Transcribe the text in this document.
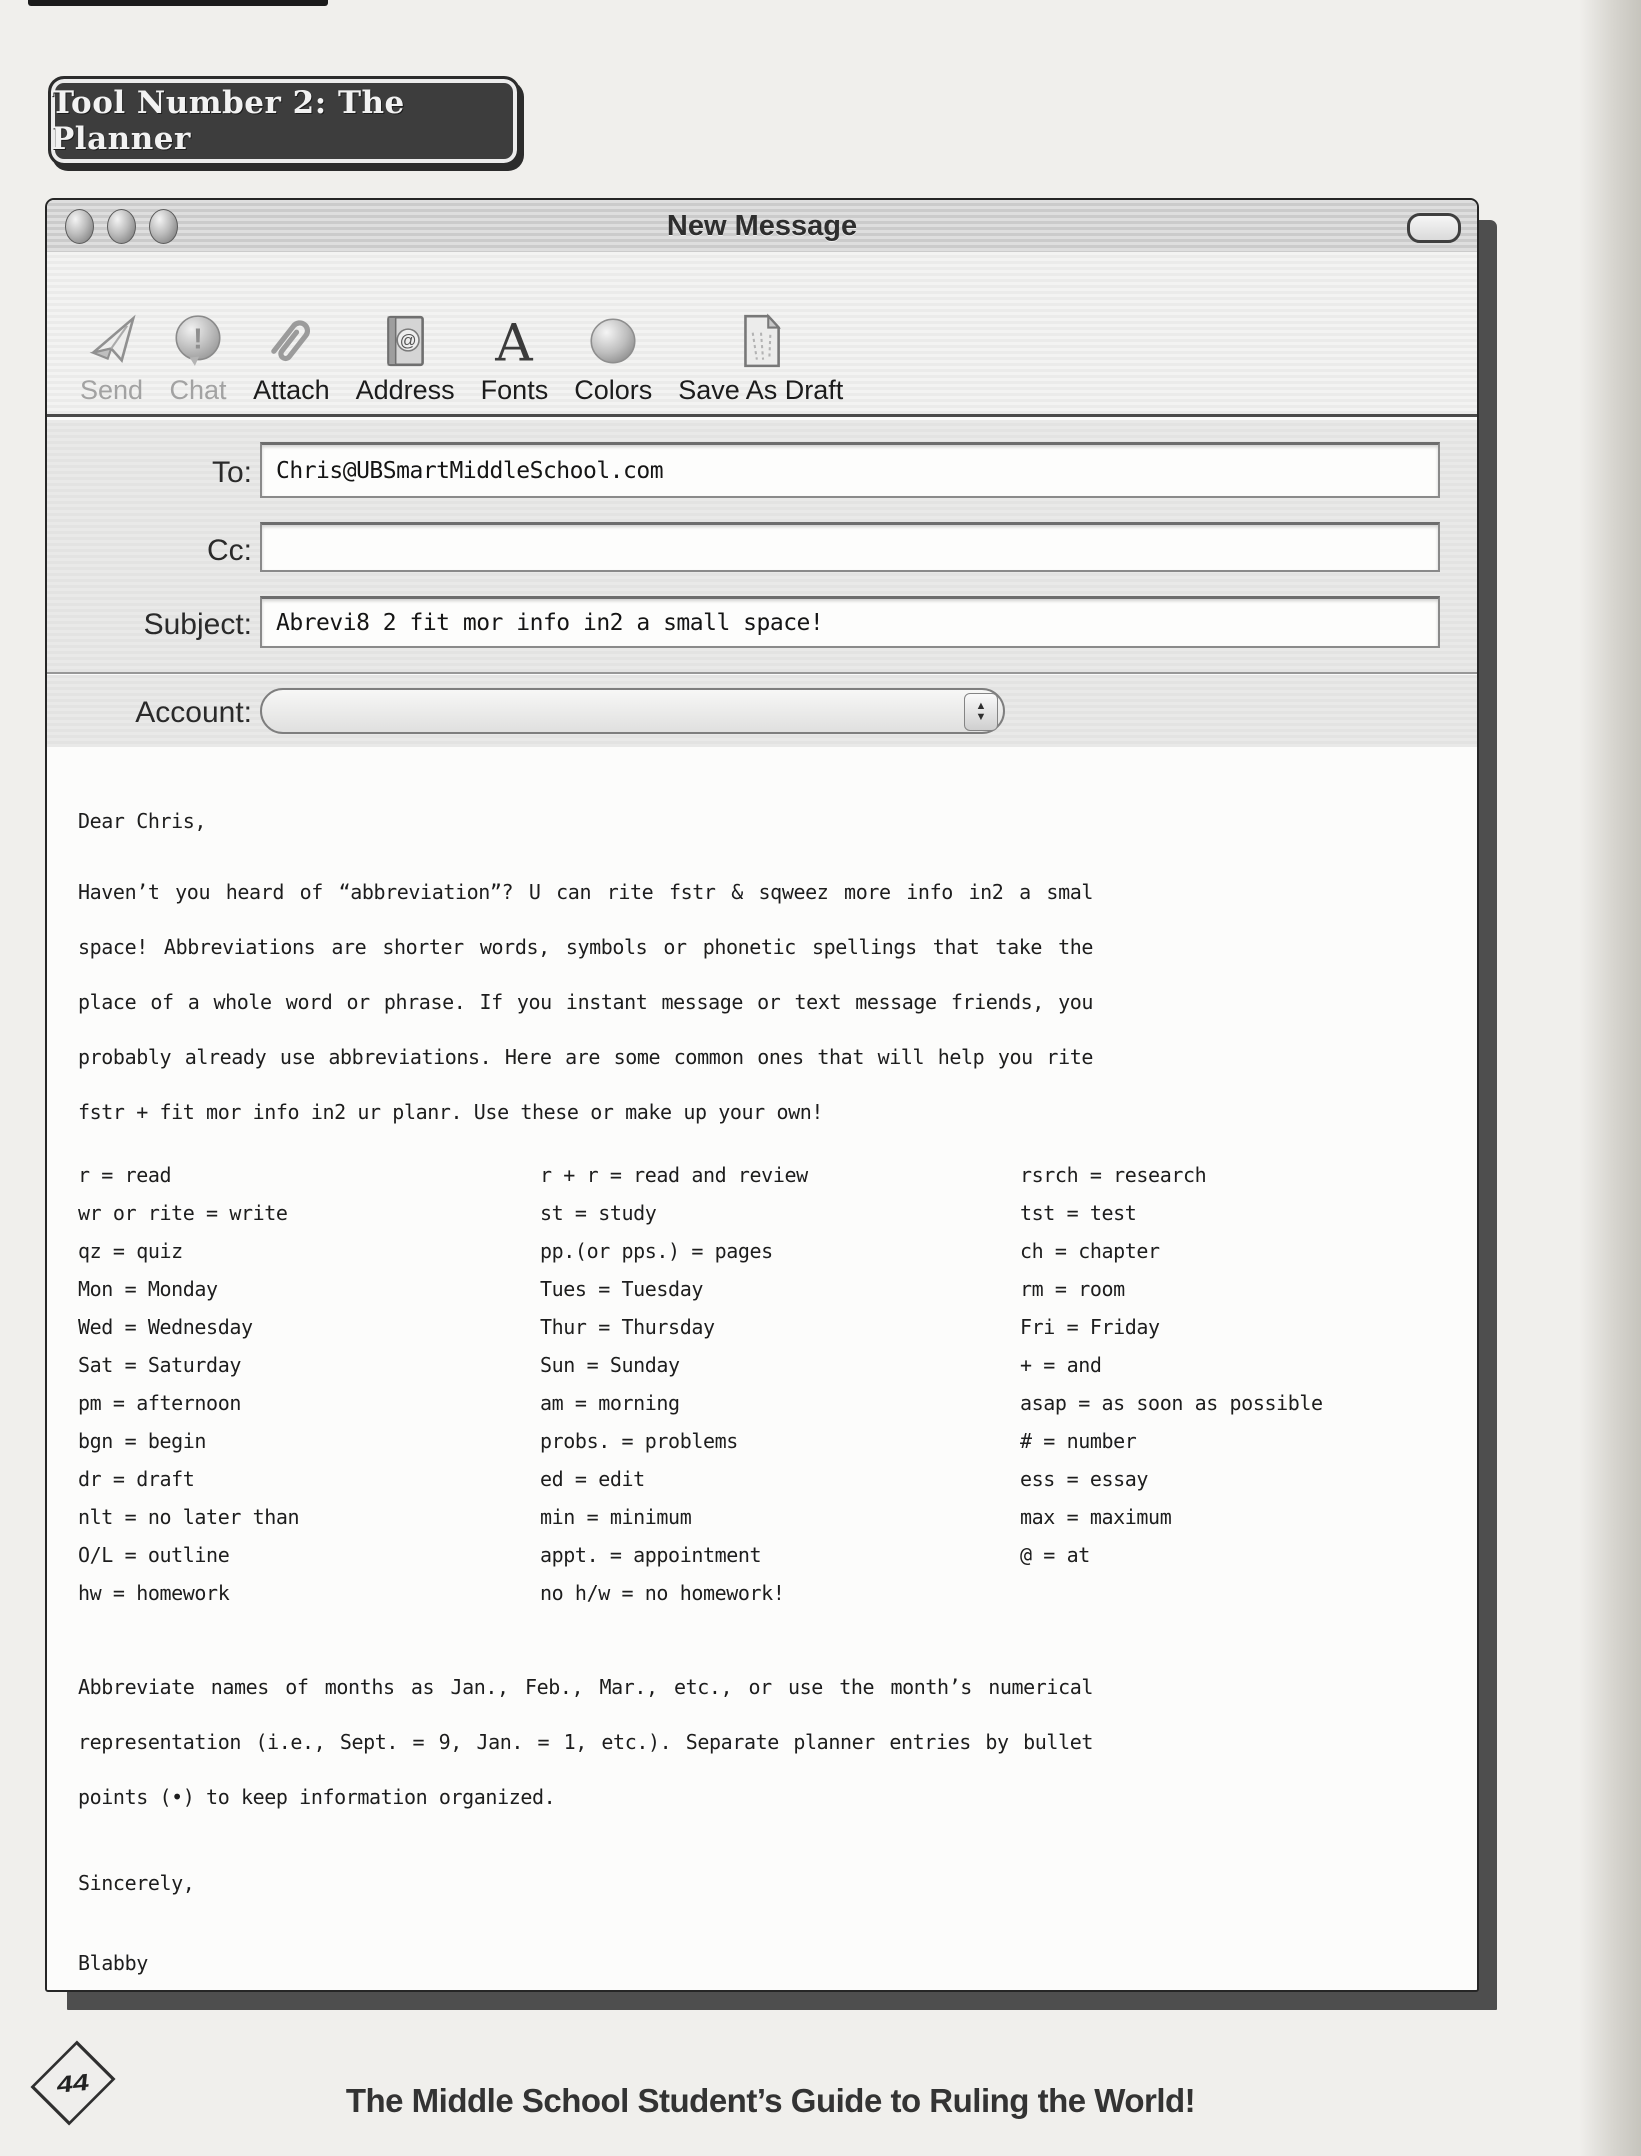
Tool Number 2: The Planner
New Message
Send
!
Chat Attach
@
Address
A
Fonts Colors Save As Draft
To: Chris@UBSmartMiddleSchool.com
Cc:
Subject: Abrevi8 2 fit mor info in2 a small space!
Account:	▲
▼

Dear Chris,

Haven’t you heard of “abbreviation”? U can rite fstr & sqweez more info in2 a smal space! Abbreviations are shorter words, symbols or phonetic spellings that take the place of a whole word or phrase. If you instant message or text message friends, you probably already use abbreviations. Here are some common ones that will help you rite fstr + fit mor info in2 ur planr. Use these or make up your own!

r = read
wr or rite = write
qz = quiz
Mon = Monday
Wed = Wednesday
Sat = Saturday
pm = afternoon
bgn = begin
dr = draft
nlt = no later than
O/L = outline
hw = homework
r + r = read and review
st = study
pp.(or pps.) = pages
Tues = Tuesday
Thur = Thursday
Sun = Sunday
am = morning
probs. = problems
ed = edit
min = minimum
appt. = appointment
no h/w = no homework!
rsrch = research
tst = test
ch = chapter
rm = room
Fri = Friday
+ = and
asap = as soon as possible
# = number
ess = essay
max = maximum
@ = at

Abbreviate names of months as Jan., Feb., Mar., etc., or use the month’s numerical representation (i.e., Sept. = 9, Jan. = 1, etc.). Separate planner entries by bullet points (•) to keep information organized.

Sincerely,

Blabby

44	The Middle School Student’s Guide to Ruling the World!
